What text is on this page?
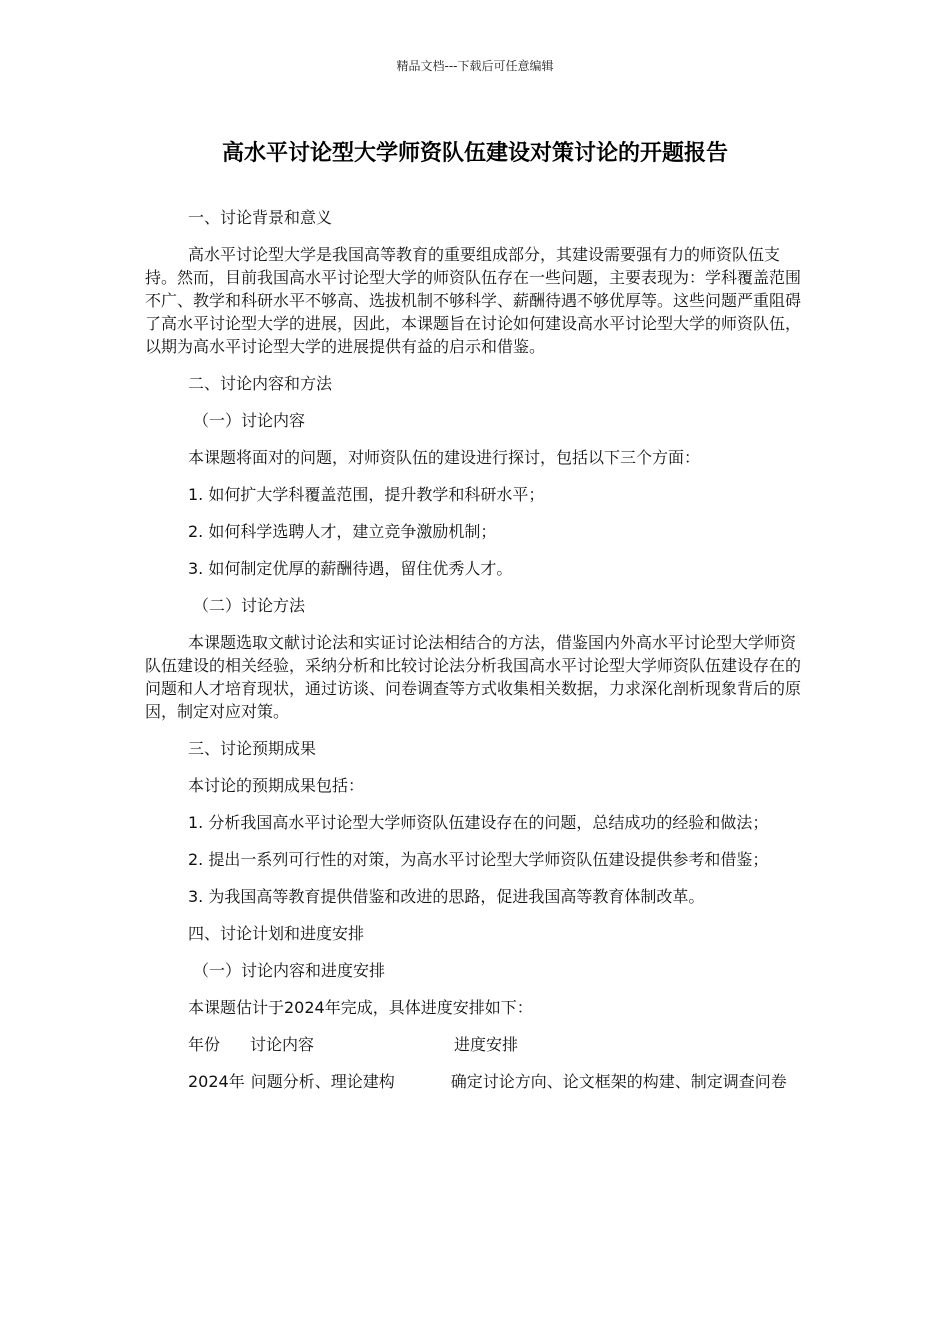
精品文档---下载后可任意编辑
高水平讨论型大学师资队伍建设对策讨论的开题报告

一、讨论背景和意义

高水平讨论型大学是我国高等教育的重要组成部分，其建设需要强有力的师资队伍支持。然而，目前我国高水平讨论型大学的师资队伍存在一些问题，主要表现为：学科覆盖范围不广、教学和科研水平不够高、选拔机制不够科学、薪酬待遇不够优厚等。这些问题严重阻碍了高水平讨论型大学的进展，因此，本课题旨在讨论如何建设高水平讨论型大学的师资队伍，以期为高水平讨论型大学的进展提供有益的启示和借鉴。

二、讨论内容和方法

（一）讨论内容

本课题将面对的问题，对师资队伍的建设进行探讨，包括以下三个方面：

1. 如何扩大学科覆盖范围，提升教学和科研水平；

2. 如何科学选聘人才，建立竞争激励机制；

3. 如何制定优厚的薪酬待遇，留住优秀人才。

（二）讨论方法

本课题选取文献讨论法和实证讨论法相结合的方法，借鉴国内外高水平讨论型大学师资队伍建设的相关经验，采纳分析和比较讨论法分析我国高水平讨论型大学师资队伍建设存在的问题和人才培育现状，通过访谈、问卷调查等方式收集相关数据，力求深化剖析现象背后的原因，制定对应对策。

三、讨论预期成果

本讨论的预期成果包括：

1. 分析我国高水平讨论型大学师资队伍建设存在的问题，总结成功的经验和做法；

2. 提出一系列可行性的对策，为高水平讨论型大学师资队伍建设提供参考和借鉴；

3. 为我国高等教育提供借鉴和改进的思路，促进我国高等教育体制改革。

四、讨论计划和进度安排

（一）讨论内容和进度安排

本课题估计于2024年完成，具体进度安排如下：

年份 讨论内容	进度安排
2024年 问题分析、理论建构	确定讨论方向、论文框架的构建、制定调查问卷
